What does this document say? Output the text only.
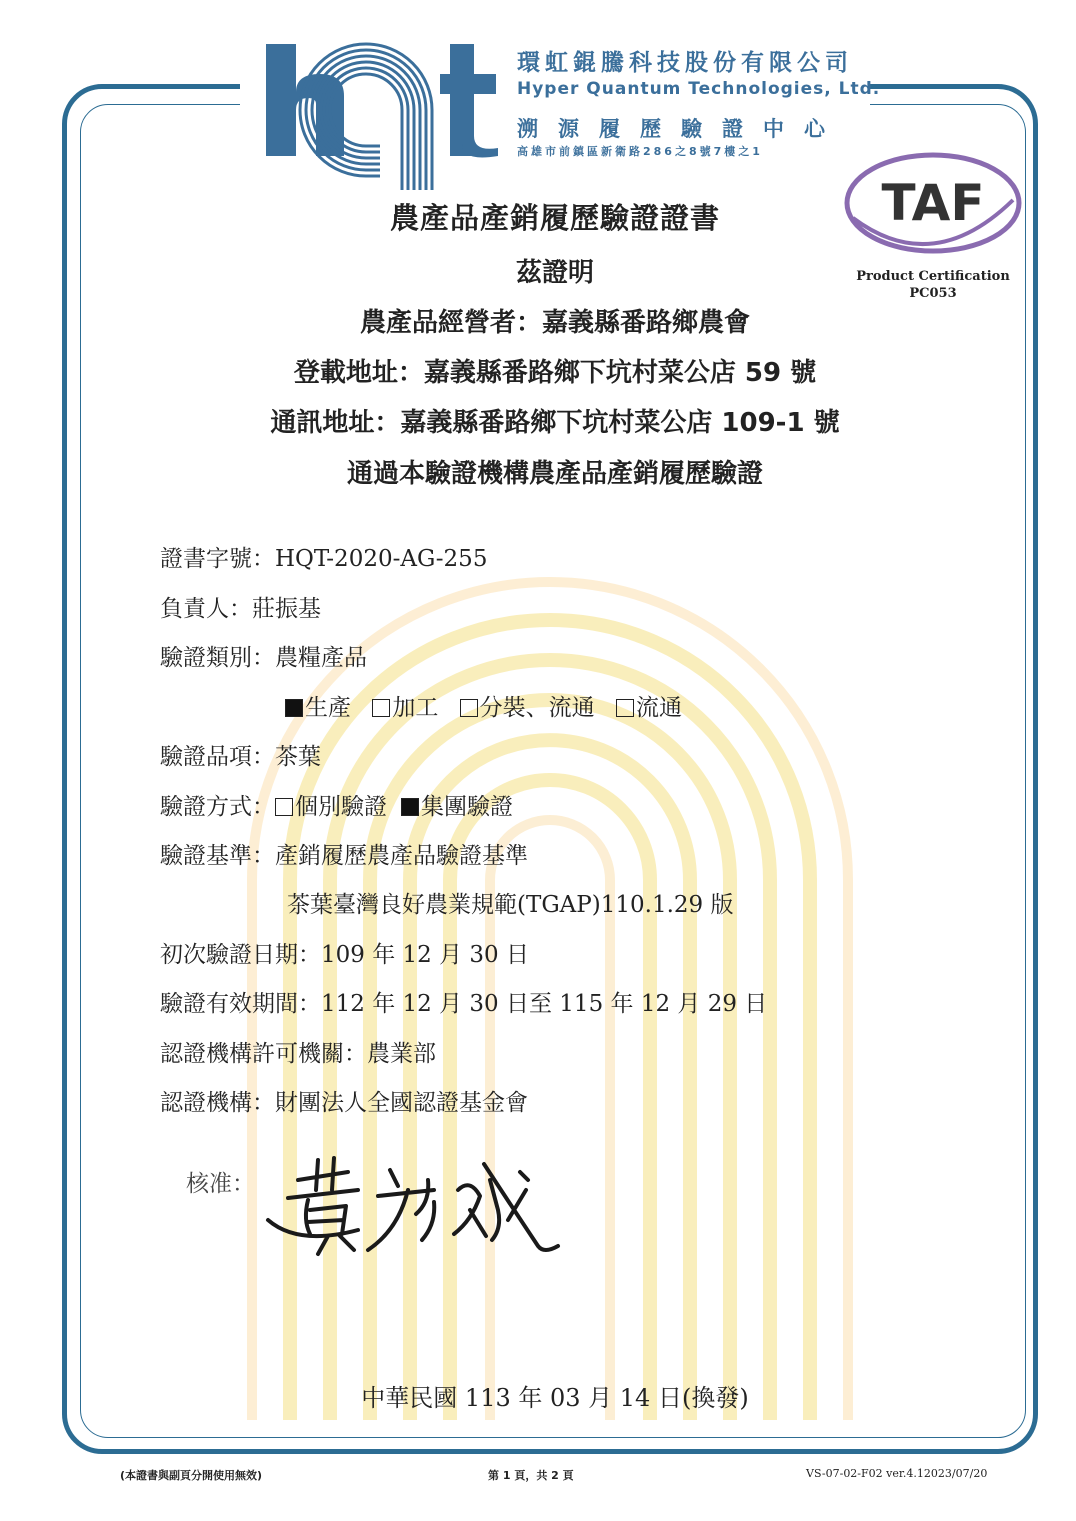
環虹錕騰科技股份有限公司
Hyper Quantum Technologies, Ltd.
溯源履歷驗證中心
高雄市前鎮區新衛路286之8號7樓之1
TAF
Product Certification
PC053
農產品產銷履歷驗證證書
茲證明
農產品經營者：嘉義縣番路鄉農會
登載地址：嘉義縣番路鄉下坑村菜公店 59 號
通訊地址：嘉義縣番路鄉下坑村菜公店 109-1 號
通過本驗證機構農產品產銷履歷驗證
證書字號：HQT-2020-AG-255
負責人：莊振基
驗證類別：農糧產品
生產 加工 分裝、流通 流通
驗證品項：茶葉
驗證方式： 個別驗證 集團驗證
驗證基準：產銷履歷農產品驗證基準
茶葉臺灣良好農業規範(TGAP)110.1.29 版
初次驗證日期：109 年 12 月 30 日
驗證有效期間：112 年 12 月 30 日至 115 年 12 月 29 日
認證機構許可機關：農業部
認證機構：財團法人全國認證基金會
核准：
中華民國 113 年 03 月 14 日(換發)
(本證書與副頁分開使用無效)	第 1 頁，共 2 頁	VS-07-02-F02 ver.4.12023/07/20
